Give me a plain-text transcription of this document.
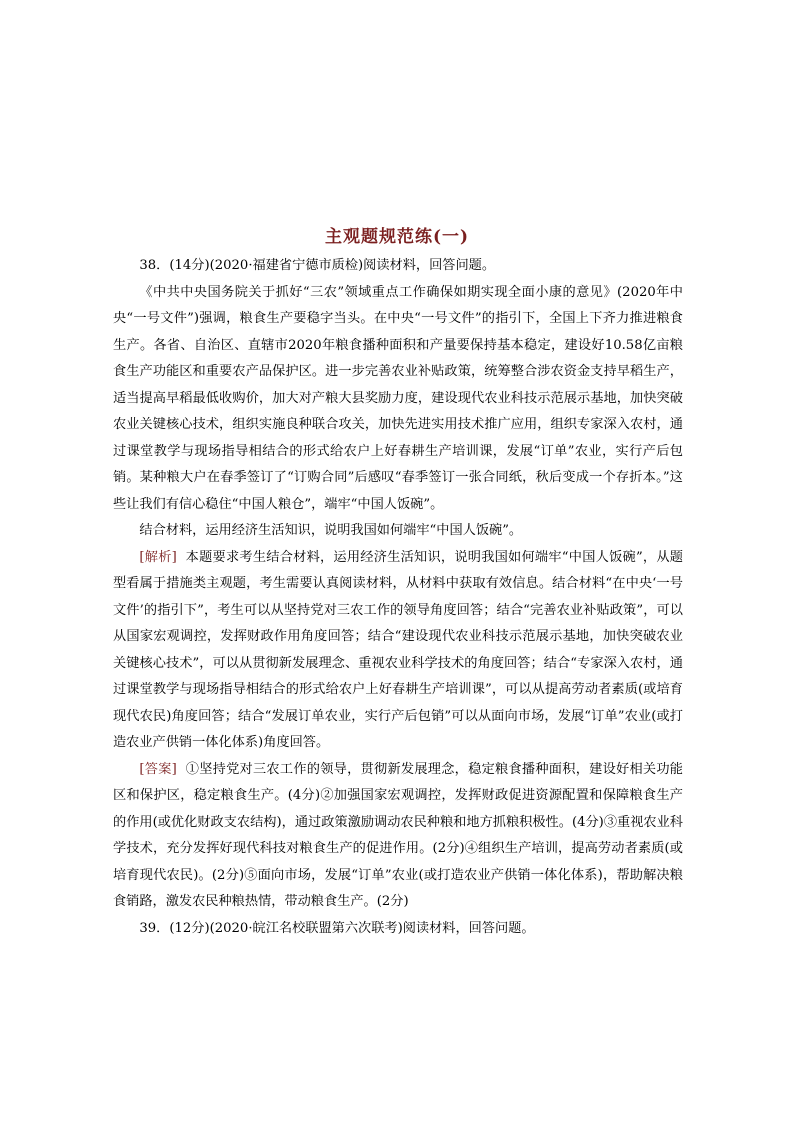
主观题规范练(一)

38．(14分)(2020·福建省宁德市质检)阅读材料，回答问题。

《中共中央国务院关于抓好“三农”领域重点工作确保如期实现全面小康的意见》(2020年中央“一号文件”)强调，粮食生产要稳字当头。在中央“一号文件”的指引下，全国上下齐力推进粮食生产。各省、自治区、直辖市2020年粮食播种面积和产量要保持基本稳定，建设好10.58亿亩粮食生产功能区和重要农产品保护区。进一步完善农业补贴政策，统筹整合涉农资金支持早稻生产，适当提高早稻最低收购价，加大对产粮大县奖励力度，建设现代农业科技示范展示基地，加快突破农业关键核心技术，组织实施良种联合攻关，加快先进实用技术推广应用，组织专家深入农村，通过课堂教学与现场指导相结合的形式给农户上好春耕生产培训课，发展“订单”农业，实行产后包销。某种粮大户在春季签订了“订购合同”后感叹“春季签订一张合同纸，秋后变成一个存折本。”这些让我们有信心稳住“中国人粮仓”，端牢“中国人饭碗”。

结合材料，运用经济生活知识，说明我国如何端牢“中国人饭碗”。

[解析] 本题要求考生结合材料，运用经济生活知识，说明我国如何端牢“中国人饭碗”，从题型看属于措施类主观题，考生需要认真阅读材料，从材料中获取有效信息。结合材料“在中央‘一号文件’的指引下”，考生可以从坚持党对三农工作的领导角度回答；结合“完善农业补贴政策”，可以从国家宏观调控，发挥财政作用角度回答；结合“建设现代农业科技示范展示基地，加快突破农业关键核心技术”，可以从贯彻新发展理念、重视农业科学技术的角度回答；结合“专家深入农村，通过课堂教学与现场指导相结合的形式给农户上好春耕生产培训课”，可以从提高劳动者素质(或培育现代农民)角度回答；结合“发展订单农业，实行产后包销”可以从面向市场，发展“订单”农业(或打造农业产供销一体化体系)角度回答。

[答案] ①坚持党对三农工作的领导，贯彻新发展理念，稳定粮食播种面积，建设好相关功能区和保护区，稳定粮食生产。(4分)②加强国家宏观调控，发挥财政促进资源配置和保障粮食生产的作用(或优化财政支农结构)，通过政策激励调动农民种粮和地方抓粮积极性。(4分)③重视农业科学技术，充分发挥好现代科技对粮食生产的促进作用。(2分)④组织生产培训，提高劳动者素质(或培育现代农民)。(2分)⑤面向市场，发展“订单”农业(或打造农业产供销一体化体系)，帮助解决粮食销路，激发农民种粮热情，带动粮食生产。(2分)

39．(12分)(2020·皖江名校联盟第六次联考)阅读材料，回答问题。
